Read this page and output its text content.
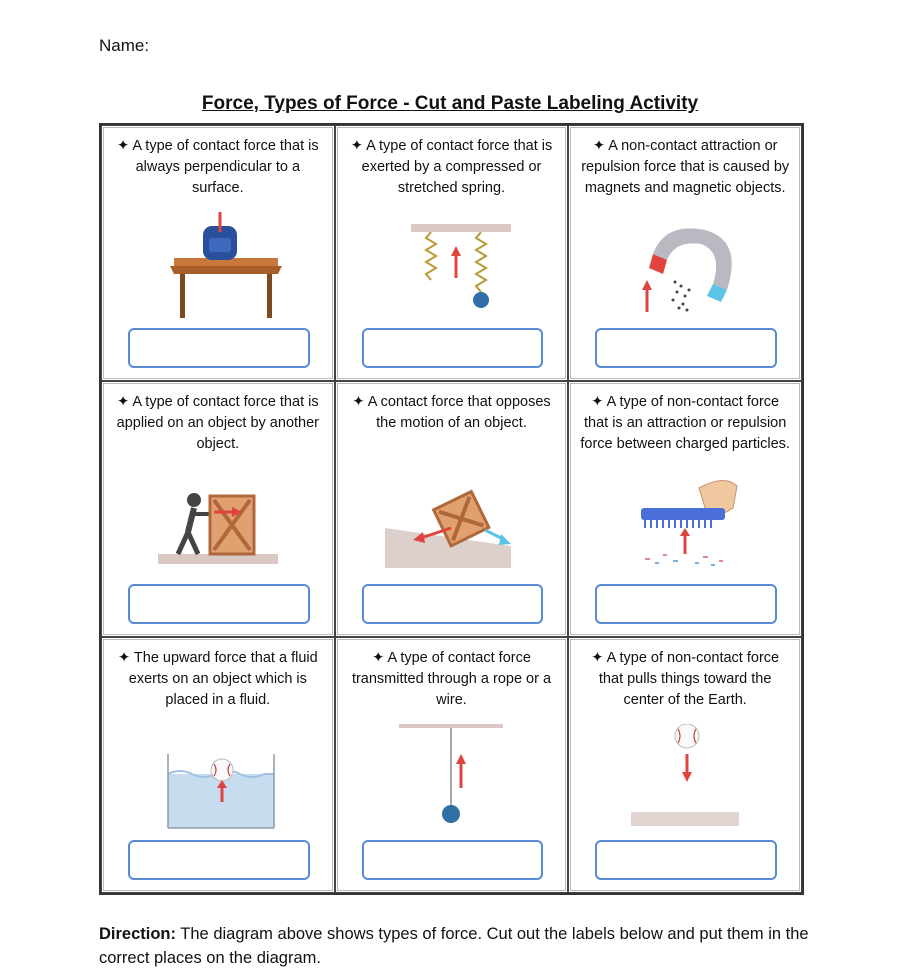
Name:
Force, Types of Force - Cut and Paste Labeling Activity
✦ A type of contact force that is always perpendicular to a surface.
✦ A type of contact force that is exerted by a compressed or stretched spring.
✦ A non-contact attraction or repulsion force that is caused by magnets and magnetic objects.
✦ A type of contact force that is applied on an object by another object.
✦ A contact force that opposes the motion of an object.
✦ A type of non-contact force that is an attraction or repulsion force between charged particles.
✦ The upward force that a fluid exerts on an object which is placed in a fluid.
✦ A type of contact force transmitted through a rope or a wire.
✦ A type of non-contact force that pulls things toward the center of the Earth.
Direction: The diagram above shows types of force. Cut out the labels below and put them in the correct places on the diagram.
